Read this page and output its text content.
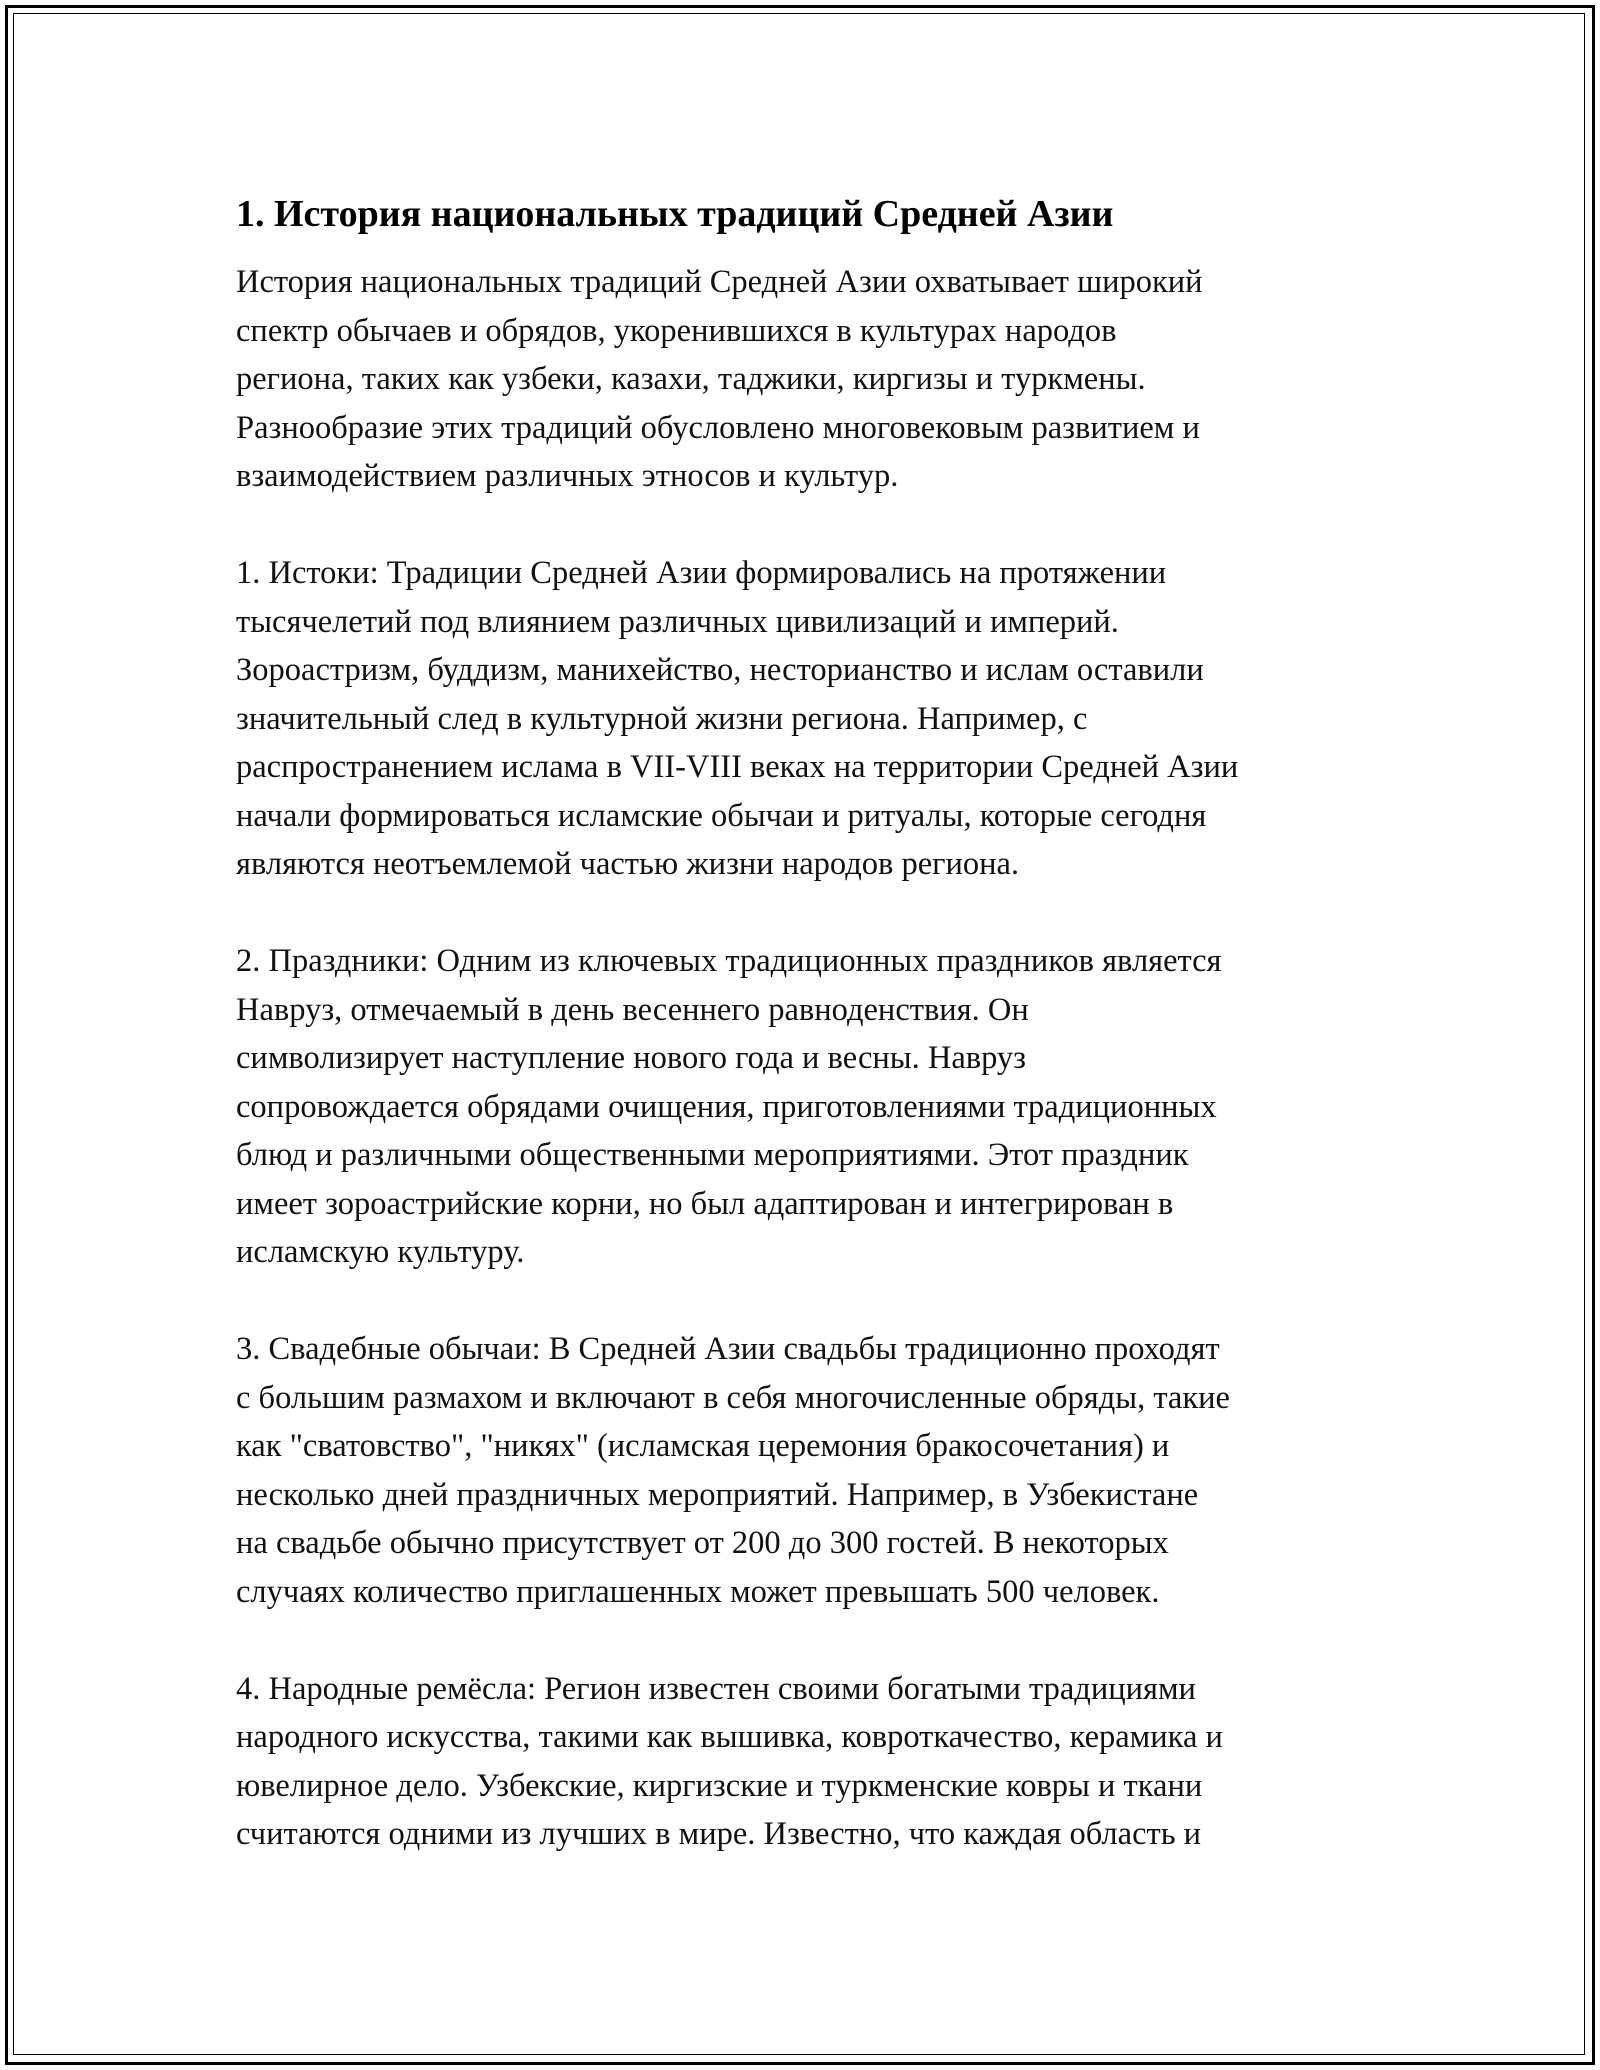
1. История национальных традиций Средней Азии
История национальных традиций Средней Азии охватывает широкий
спектр обычаев и обрядов, укоренившихся в культурах народов
региона, таких как узбеки, казахи, таджики, киргизы и туркмены.
Разнообразие этих традиций обусловлено многовековым развитием и
взаимодействием различных этносов и культур.

1. Истоки: Традиции Средней Азии формировались на протяжении
тысячелетий под влиянием различных цивилизаций и империй.
Зороастризм, буддизм, манихейство, несторианство и ислам оставили
значительный след в культурной жизни региона. Например, с
распространением ислама в VII-VIII веках на территории Средней Азии
начали формироваться исламские обычаи и ритуалы, которые сегодня
являются неотъемлемой частью жизни народов региона.

2. Праздники: Одним из ключевых традиционных праздников является
Навруз, отмечаемый в день весеннего равноденствия. Он
символизирует наступление нового года и весны. Навруз
сопровождается обрядами очищения, приготовлениями традиционных
блюд и различными общественными мероприятиями. Этот праздник
имеет зороастрийские корни, но был адаптирован и интегрирован в
исламскую культуру.

3. Свадебные обычаи: В Средней Азии свадьбы традиционно проходят
с большим размахом и включают в себя многочисленные обряды, такие
как "сватовство", "никях" (исламская церемония бракосочетания) и
несколько дней праздничных мероприятий. Например, в Узбекистане
на свадьбе обычно присутствует от 200 до 300 гостей. В некоторых
случаях количество приглашенных может превышать 500 человек.

4. Народные ремёсла: Регион известен своими богатыми традициями
народного искусства, такими как вышивка, ковроткачество, керамика и
ювелирное дело. Узбекские, киргизские и туркменские ковры и ткани
считаются одними из лучших в мире. Известно, что каждая область и
